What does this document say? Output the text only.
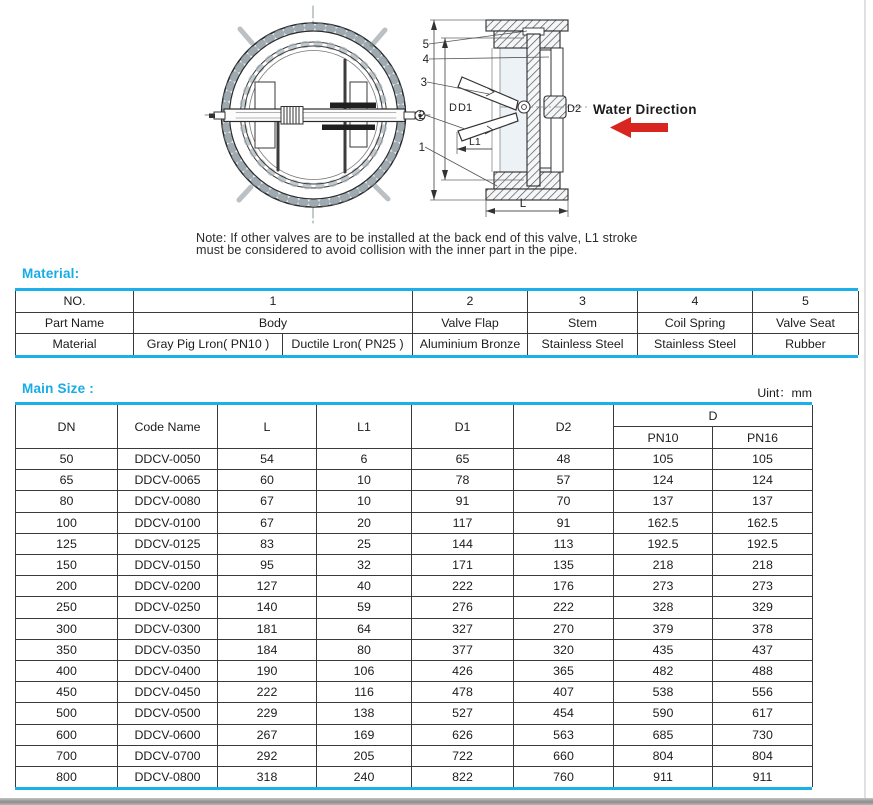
D D1	D2
L1
L
5
4
3
2
1
Water Direction
Note: If other valves are to be installed at the back end of this valve, L1 stroke
must be considered to avoid collision with the inner part in the pipe.
Material:
NO.	1		2	3	4	5
Part Name	Body		Valve Flap	Stem	Coil Spring	Valve Seat
Material	Gray Pig Lron( PN10 )	Ductile Lron( PN25 )	Aluminium Bronze	Stainless Steel	Stainless Steel	Rubber
Main Size :	Uint：mm
DN	Code Name	L	L1	D1	D2	D	
						PN10	PN16
50	DDCV-0050	54	6	65	48	105	105
65	DDCV-0065	60	10	78	57	124	124
80	DDCV-0080	67	10	91	70	137	137
100	DDCV-0100	67	20	117	91	162.5	162.5
125	DDCV-0125	83	25	144	113	192.5	192.5
150	DDCV-0150	95	32	171	135	218	218
200	DDCV-0200	127	40	222	176	273	273
250	DDCV-0250	140	59	276	222	328	329
300	DDCV-0300	181	64	327	270	379	378
350	DDCV-0350	184	80	377	320	435	437
400	DDCV-0400	190	106	426	365	482	488
450	DDCV-0450	222	116	478	407	538	556
500	DDCV-0500	229	138	527	454	590	617
600	DDCV-0600	267	169	626	563	685	730
700	DDCV-0700	292	205	722	660	804	804
800	DDCV-0800	318	240	822	760	911	911
